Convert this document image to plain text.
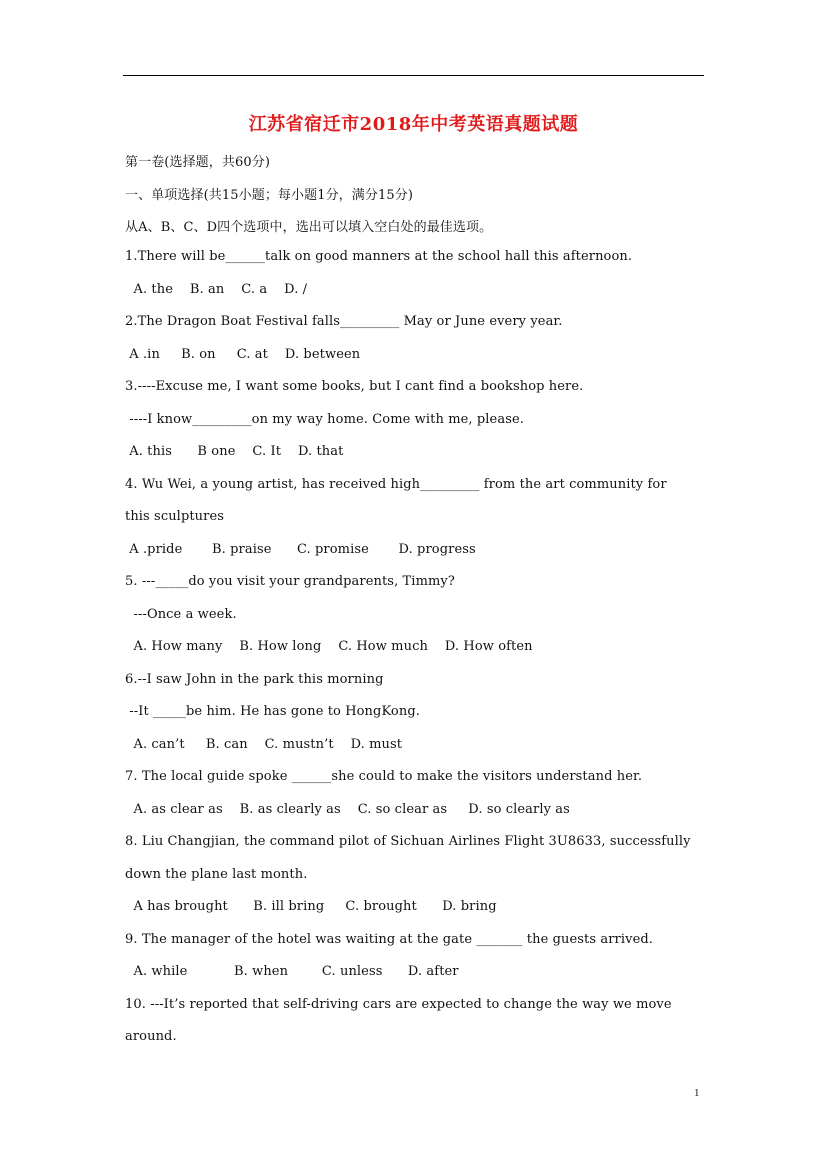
江苏省宿迁市2018年中考英语真题试题
第一卷(选择题，共60分)
一、单项选择(共15小题；每小题1分，满分15分)
从A、B、C、D四个选项中，选出可以填入空白处的最佳选项。
1.There will be______talk on good manners at the school hall this afternoon.
A. the    B. an    C. a    D. /
2.The Dragon Boat Festival falls_________ May or June every year.
A .in     B. on     C. at    D. between
3.----Excuse me, I want some books, but I cant find a bookshop here.
----I know_________on my way home. Come with me, please.
A. this      B one    C. It    D. that
4. Wu Wei, a young artist, has received high_________ from the art community for
this sculptures
A .pride       B. praise      C. promise       D. progress
5. ---_____do you visit your grandparents, Timmy?
---Once a week.
A. How many    B. How long    C. How much    D. How often
6.--I saw John in the park this morning
--It _____be him. He has gone to HongKong.
A. can’t     B. can    C. mustn’t    D. must
7. The local guide spoke ______she could to make the visitors understand her.
A. as clear as    B. as clearly as    C. so clear as     D. so clearly as
8. Liu Changjian, the command pilot of Sichuan Airlines Flight 3U8633, successfully
down the plane last month.
A has brought      B. ill bring     C. brought      D. bring
9. The manager of the hotel was waiting at the gate _______ the guests arrived.
A. while           B. when        C. unless      D. after
10. ---It’s reported that self-driving cars are expected to change the way we move
around.
1
